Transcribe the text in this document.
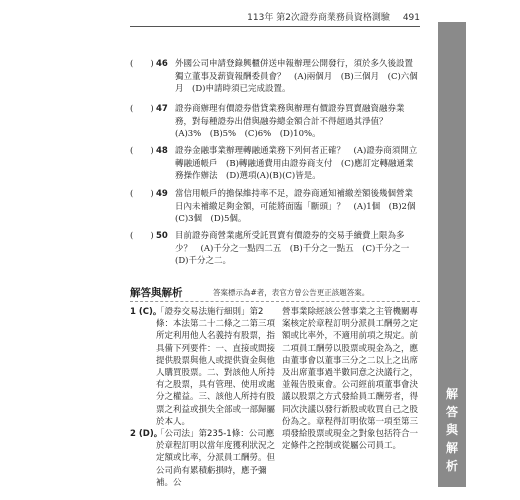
113年 第2次證券商業務員資格測驗 491
(　　) 46 外國公司申請登錄興櫃併送申報辦理公開發行，須於多久後設置獨立董事及薪資報酬委員會？　(A)兩個月　(B)三個月　(C)六個月　(D)申請時須已完成設置。
(　　) 47 證券商辦理有價證券借貸業務與辦理有價證券買賣融資融券業務，對每種證券出借與融券總金額合計不得超過其淨值？　(A)3%　(B)5%　(C)6%　(D)10%。
(　　) 48 證券金融事業辦理轉融通業務下列何者正確？　(A)證券商須開立轉融通帳戶　(B)轉融通費用由證券商支付　(C)應訂定轉融通業務操作辦法　(D)選項(A)(B)(C)皆是。
(　　) 49 當信用帳戶的擔保維持率不足，證券商通知補繳差額後幾個營業日內未補繳足夠金額，可能將面臨「斷頭」？　(A)1個　(B)2個　(C)3個　(D)5個。
(　　) 50 目前證券商營業處所受託買賣有價證券的交易手續費上限為多少？　(A)千分之一點四二五　(B)千分之一點五　(C)千分之一　(D)千分之二。
解答與解析	答案標示為#者，表官方曾公告更正該題答案。
1 (C)。

「證券交易法施行細則」第2條：本法第二十二條之二第三項所定利用他人名義持有股票，指具備下列要件：一、直接或間接提供股票與他人或提供資金與他人購買股票。二、對該他人所持有之股票，具有管理、使用或處分之權益。三、該他人所持有股票之利益或損失全部或一部歸屬於本人。

2 (D)。

「公司法」第235-1條：公司應於章程訂明以當年度獲利狀況之定額或比率，分派員工酬勞。但公司尚有累積虧損時，應予彌補。公

營事業除經該公營事業之主管機關專案核定於章程訂明分派員工酬勞之定額或比率外，不適用前項之規定。前二項員工酬勞以股票或現金為之，應由董事會以董事三分之二以上之出席及出席董事過半數同意之決議行之，並報告股東會。公司經前項董事會決議以股票之方式發給員工酬勞者，得同次決議以發行新股或收買自己之股份為之。章程得訂明依第一項至第三項發給股票或現金之對象包括符合一定條件之控制或從屬公司員工。

解
答
與
解
析
